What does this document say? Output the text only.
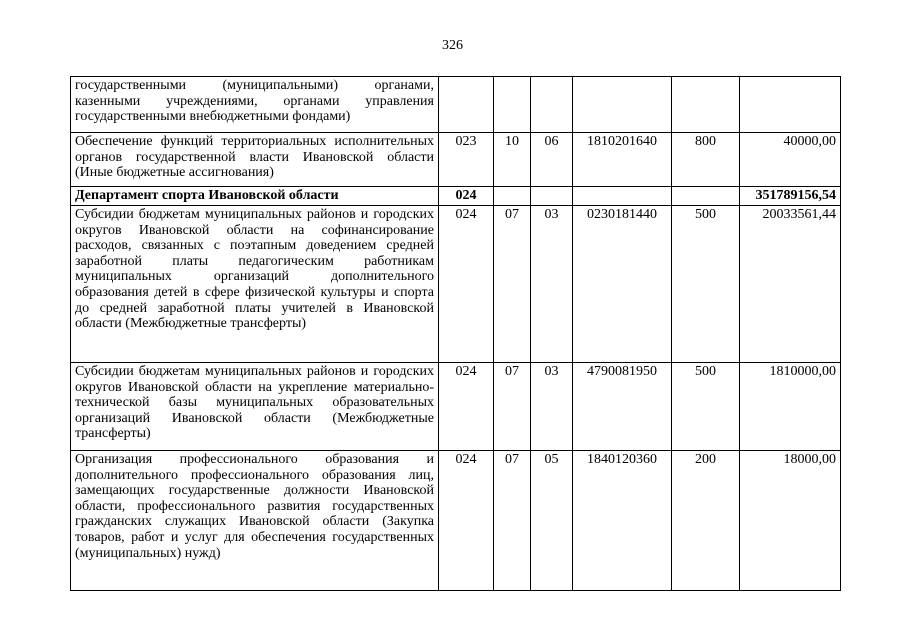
326
государственными (муниципальными) органами, казенными учреждениями, органами управления государственными внебюджетными фондами)						
Обеспечение функций территориальных исполнительных органов государственной власти Ивановской области (Иные бюджетные ассигнования)	023	10	06	1810201640	800	40000,00
Департамент спорта Ивановской области	024					351789156,54
Субсидии бюджетам муниципальных районов и городских округов Ивановской области на софинансирование расходов, связанных с поэтапным доведением средней заработной платы педагогическим работникам муниципальных организаций дополнительного образования детей в сфере физической культуры и спорта до средней заработной платы учителей в Ивановской области (Межбюджетные трансферты)	024	07	03	0230181440	500	20033561,44
Субсидии бюджетам муниципальных районов и городских округов Ивановской области на укрепление материально-технической базы муниципальных образовательных организаций Ивановской области (Межбюджетные трансферты)	024	07	03	4790081950	500	1810000,00
Организация профессионального образования и дополнительного профессионального образования лиц, замещающих государственные должности Ивановской области, профессионального развития государственных гражданских служащих Ивановской области (Закупка товаров, работ и услуг для обеспечения государственных (муниципальных) нужд)	024	07	05	1840120360	200	18000,00
